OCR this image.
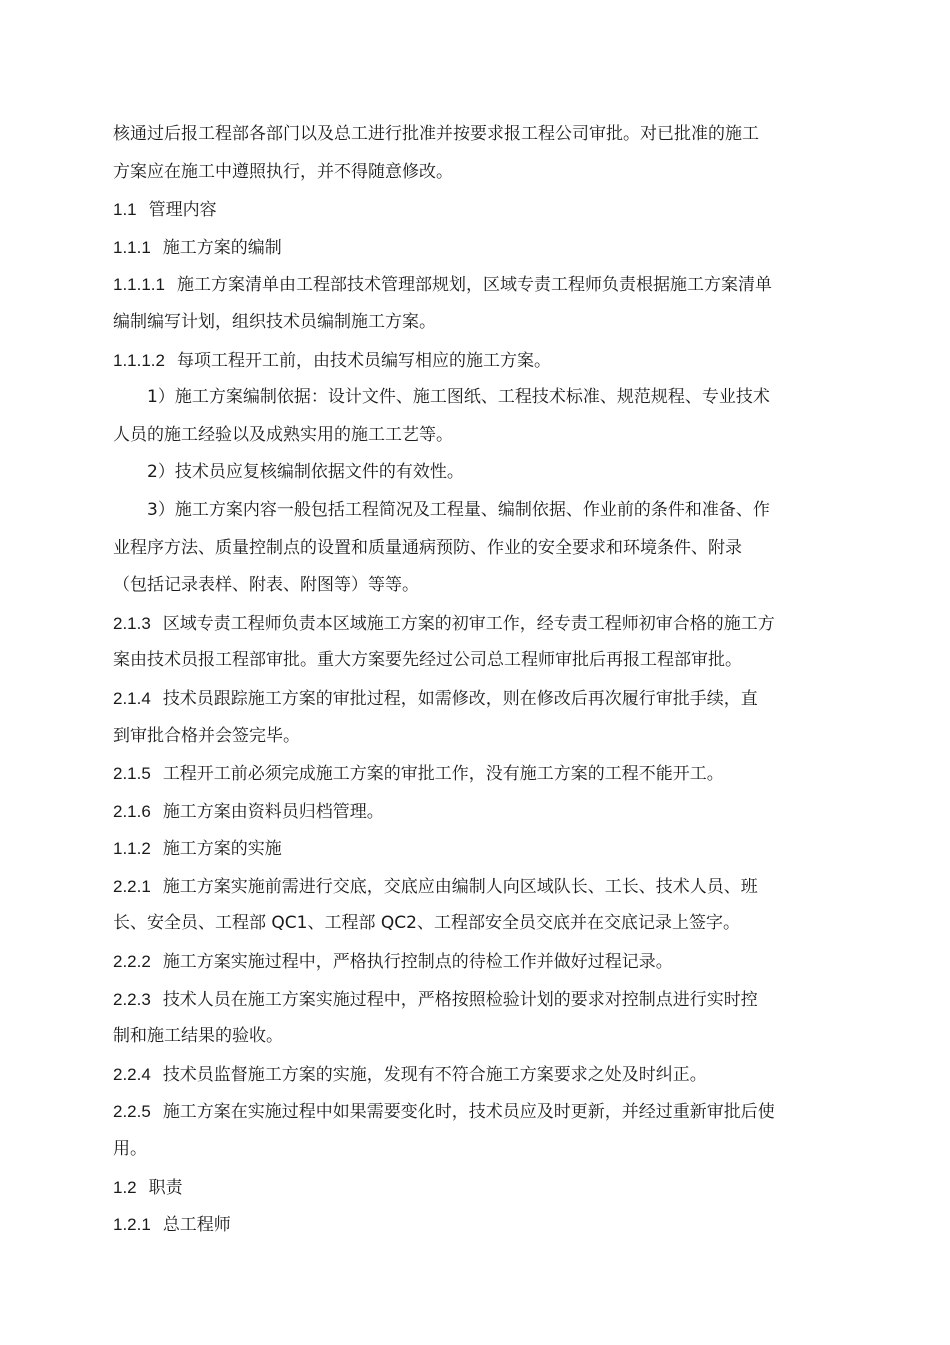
核通过后报工程部各部门以及总工进行批准并按要求报工程公司审批。对已批准的施工
方案应在施工中遵照执行，并不得随意修改。
1.1 管理内容
1.1.1 施工方案的编制
1.1.1.1 施工方案清单由工程部技术管理部规划，区域专责工程师负责根据施工方案清单
编制编写计划，组织技术员编制施工方案。
1.1.1.2 每项工程开工前，由技术员编写相应的施工方案。
1）施工方案编制依据：设计文件、施工图纸、工程技术标准、规范规程、专业技术
人员的施工经验以及成熟实用的施工工艺等。
2）技术员应复核编制依据文件的有效性。
3）施工方案内容一般包括工程简况及工程量、编制依据、作业前的条件和准备、作
业程序方法、质量控制点的设置和质量通病预防、作业的安全要求和环境条件、附录
（包括记录表样、附表、附图等）等等。
2.1.3 区域专责工程师负责本区域施工方案的初审工作，经专责工程师初审合格的施工方
案由技术员报工程部审批。重大方案要先经过公司总工程师审批后再报工程部审批。
2.1.4 技术员跟踪施工方案的审批过程，如需修改，则在修改后再次履行审批手续，直
到审批合格并会签完毕。
2.1.5 工程开工前必须完成施工方案的审批工作，没有施工方案的工程不能开工。
2.1.6 施工方案由资料员归档管理。
1.1.2 施工方案的实施
2.2.1 施工方案实施前需进行交底，交底应由编制人向区域队长、工长、技术人员、班
长、安全员、工程部 QC1、工程部 QC2、工程部安全员交底并在交底记录上签字。
2.2.2 施工方案实施过程中，严格执行控制点的待检工作并做好过程记录。
2.2.3 技术人员在施工方案实施过程中，严格按照检验计划的要求对控制点进行实时控
制和施工结果的验收。
2.2.4 技术员监督施工方案的实施，发现有不符合施工方案要求之处及时纠正。
2.2.5 施工方案在实施过程中如果需要变化时，技术员应及时更新，并经过重新审批后使
用。
1.2 职责
1.2.1 总工程师
